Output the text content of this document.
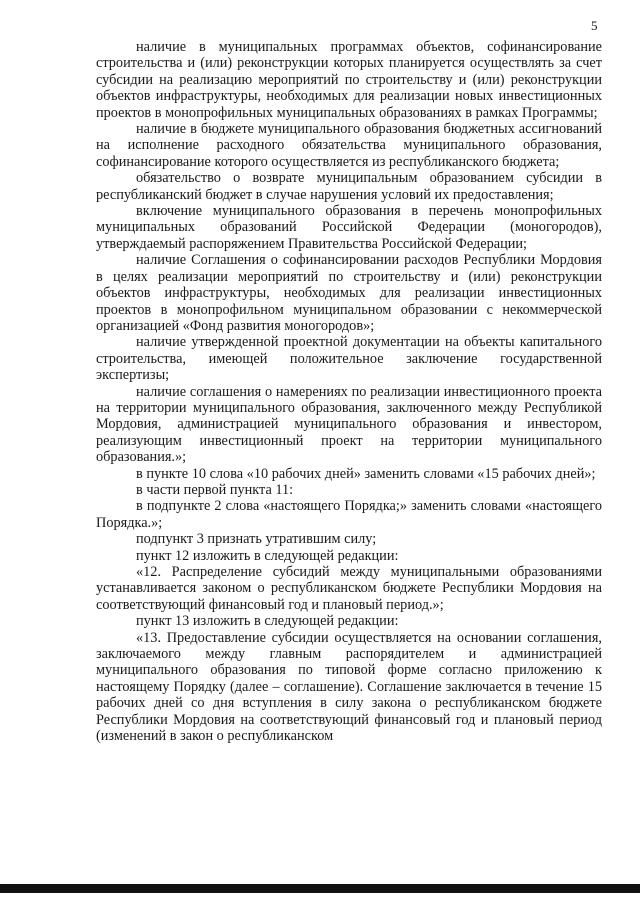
5

наличие в муниципальных программах объектов, софинансирование строительства и (или) реконструкции которых планируется осуществлять за счет субсидии на реализацию мероприятий по строительству и (или) реконструкции объектов инфраструктуры, необходимых для реализации новых инвестиционных проектов в монопрофильных муниципальных образованиях в рамках Программы;

наличие в бюджете муниципального образования бюджетных ассигнований на исполнение расходного обязательства муниципального образования, софинансирование которого осуществляется из республиканского бюджета;

обязательство о возврате муниципальным образованием субсидии в республиканский бюджет в случае нарушения условий их предоставления;

включение муниципального образования в перечень монопрофильных муниципальных образований Российской Федерации (моногородов), утверждаемый распоряжением Правительства Российской Федерации;

наличие Соглашения о софинансировании расходов Республики Мордовия в целях реализации мероприятий по строительству и (или) реконструкции объектов инфраструктуры, необходимых для реализации инвестиционных проектов в монопрофильном муниципальном образовании с некоммерческой организацией «Фонд развития моногородов»;

наличие утвержденной проектной документации на объекты капитального строительства, имеющей положительное заключение государственной экспертизы;

наличие соглашения о намерениях по реализации инвестиционного проекта на территории муниципального образования, заключенного между Республикой Мордовия, администрацией муниципального образования и инвестором, реализующим инвестиционный проект на территории муниципального образования.»;

в пункте 10 слова «10 рабочих дней» заменить словами «15 рабочих дней»;

в части первой пункта 11:

в подпункте 2 слова «настоящего Порядка;» заменить словами «настоящего Порядка.»;

подпункт 3 признать утратившим силу;

пункт 12 изложить в следующей редакции:

«12. Распределение субсидий между муниципальными образованиями устанавливается законом о республиканском бюджете Республики Мордовия на соответствующий финансовый год и плановый период.»;

пункт 13 изложить в следующей редакции:

«13. Предоставление субсидии осуществляется на основании соглашения, заключаемого между главным распорядителем и администрацией муниципального образования по типовой форме согласно приложению к настоящему Порядку (далее – соглашение). Соглашение заключается в течение 15 рабочих дней со дня вступления в силу закона о республиканском бюджете Республики Мордовия на соответствующий финансовый год и плановый период (изменений в закон о республиканском
